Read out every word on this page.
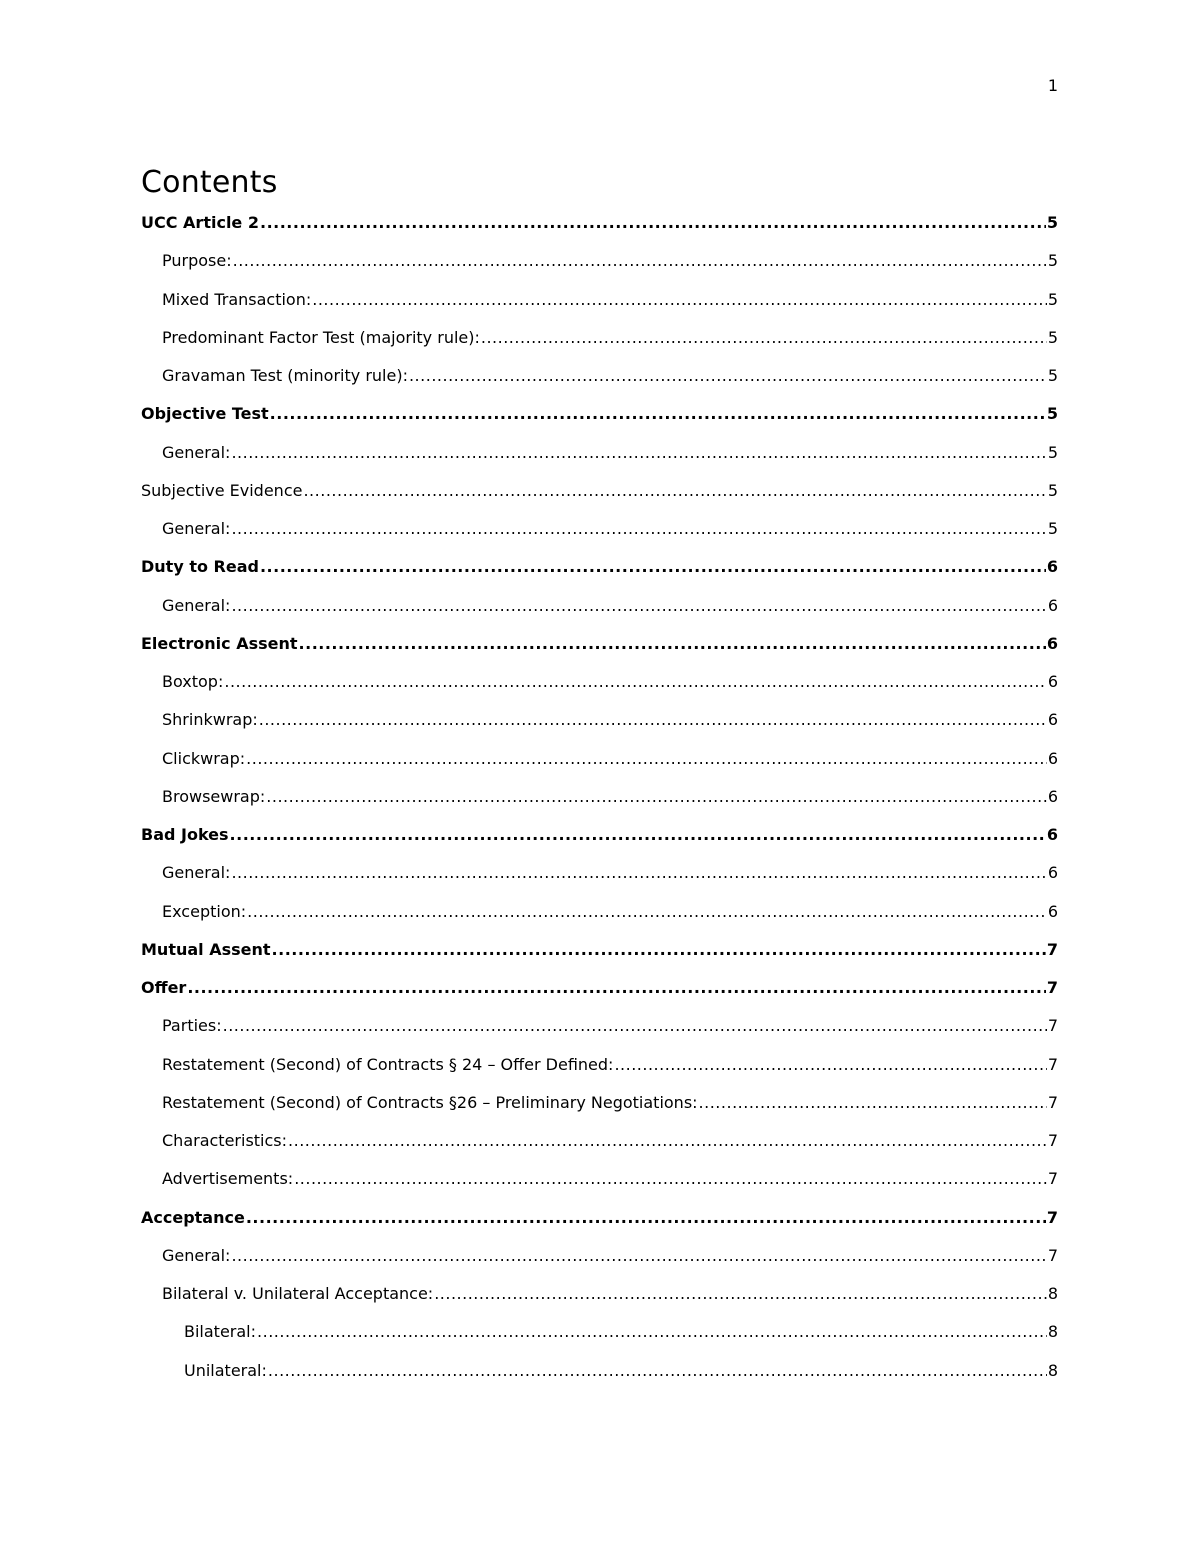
1
Contents
UCC Article 2 .....	5
Purpose: .....	5
Mixed Transaction: .....	5
Predominant Factor Test (majority rule): .....	5
Gravaman Test (minority rule): .....	5
Objective Test .....	5
General: .....	5
Subjective Evidence .....	5
General: .....	5
Duty to Read .....	6
General: .....	6
Electronic Assent .....	6
Boxtop: .....	6
Shrinkwrap: .....	6
Clickwrap: .....	6
Browsewrap: .....	6
Bad Jokes .....	6
General: .....	6
Exception: .....	6
Mutual Assent .....	7
Offer .....	7
Parties: .....	7
Restatement (Second) of Contracts § 24 – Offer Defined: .....	7
Restatement (Second) of Contracts §26 – Preliminary Negotiations: .....	7
Characteristics: .....	7
Advertisements: .....	7
Acceptance .....	7
General: .....	7
Bilateral v. Unilateral Acceptance: .....	8
Bilateral: .....	8
Unilateral: .....	8
